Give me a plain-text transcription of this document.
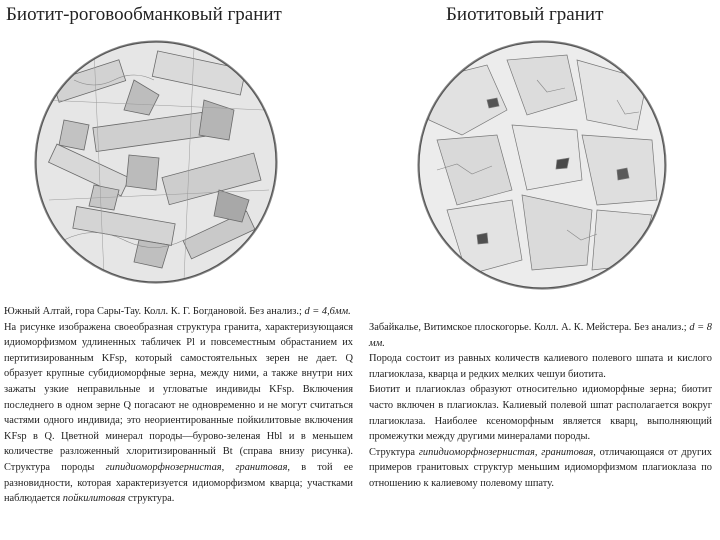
Биотит-роговообманковый гранит	Биотитовый гранит

Южный Алтай, гора Сары-Тау. Колл. К. Г. Богдановой. Без анализ.; d = 4,6мм.

На рисунке изображена своеобразная структура гранита, характеризующаяся идиоморфизмом удлиненных табличек Pl и повсеместным обрастанием их пертитизированным KFsp, который самостоятельных зерен не дает. Q образует крупные субидиоморфные зерна, между ними, а также внутри них зажаты узкие неправильные и угловатые индивиды KFsp. Включения последнего в одном зерне Q погасают не одновременно и не могут считаться частями одного индивида; это неориентированные пойкилитовые включения KFsp в Q. Цветной минерал породы—бурово-зеленая Hbl и в меньшем количестве разложенный хлоритизированный Bt (справа внизу рисунка). Структура породы гипидиоморфнозернистая, гранитовая, в той ее разновидности, которая характеризуется идиоморфизмом кварца; участками наблюдается пойкилитовая структура.

Забайкалье, Витимское плоскогорье. Колл. А. К. Мейстера. Без анализ.; d = 8 мм.

Порода состоит из равных количеств калиевого полевого шпата и кислого плагиоклаза, кварца и редких мелких чешуи биотита.

Биотит и плагиоклаз образуют относительно идиоморфные зерна; биотит часто включен в плагиоклаз. Калиевый полевой шпат располагается вокруг плагиоклаза. Наиболее ксеноморфным является кварц, выполняющий промежутки между другими минералами породы.

Структура гипидиоморфнозернистая, гранитовая, отличающаяся от других примеров гранитовых структур меньшим идиоморфизмом плагиоклаза по отношению к калиевому полевому шпату.
